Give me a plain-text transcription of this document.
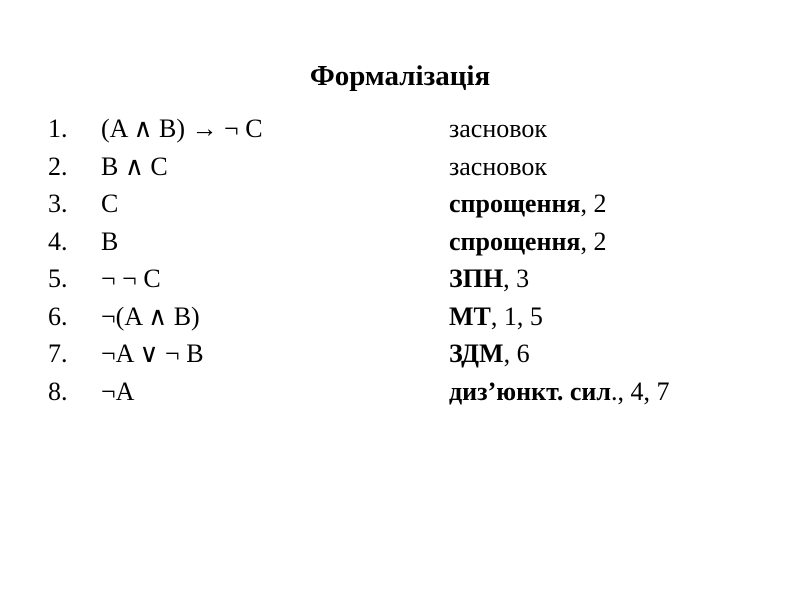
Формалізація
1. (A ∧ B) → ¬ C	засновок
2. B ∧ C	засновок
3. C	спрощення, 2
4. B	спрощення, 2
5. ¬ ¬ C	ЗПН, 3
6. ¬(A ∧ B)	МТ, 1, 5
7. ¬A ∨ ¬ B	ЗДМ, 6
8. ¬A	диз’юнкт. сил., 4, 7
